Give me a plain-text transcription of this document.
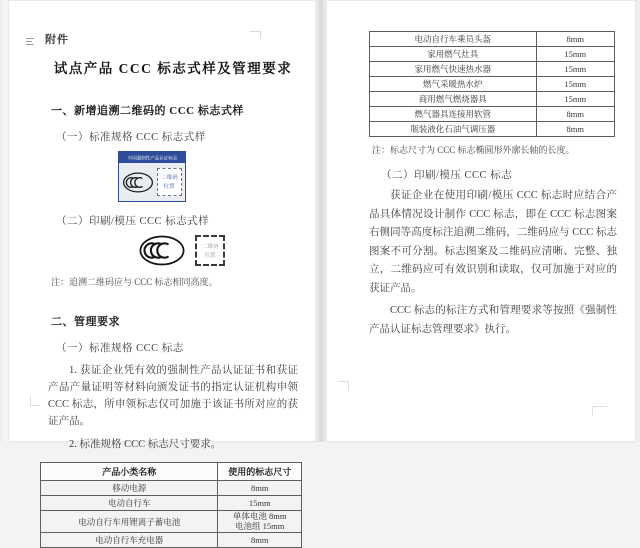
试点产品 CCC 标志式样及管理要求
一、新增追溯二维码的 CCC 标志式样
（一）标准规格 CCC 标志式样
中国强制性产品认证标志
二维码
位置
（二）印刷/模压 CCC 标志式样
二维码
位置
注：追溯二维码应与 CCC 标志相同高度。
二、管理要求
（一）标准规格 CCC 标志

1. 获证企业凭有效的强制性产品认证证书和获证产品产量证明等材料向颁发证书的指定认证机构申领 CCC 标志，所申领标志仅可加施于该证书所对应的获证产品。

2. 标准规格 CCC 标志尺寸要求。

产品小类名称	使用的标志尺寸
移动电源	8mm
电动自行车	15mm
电动自行车用锂离子蓄电池	单体电池 8mm
电池组 15mm

电动自行车充电器	8mm
电动自行车乘员头盔	8mm
家用燃气灶具	15mm
家用燃气快速热水器	15mm
燃气采暖热水炉	15mm
商用燃气燃烧器具	15mm
燃气器具连接用软管	8mm
瓶装液化石油气调压器	8mm
注：标志尺寸为 CCC 标志椭圆形外廓长轴的长度。
（二）印刷/模压 CCC 标志

获证企业在使用印刷/模压 CCC 标志时应结合产品具体情况设计制作 CCC 标志，即在 CCC 标志图案右侧同等高度标注追溯二维码，二维码应与 CCC 标志图案不可分割。标志图案及二维码应清晰、完整、独立，二维码应可有效识别和读取，仅可加施于对应的获证产品。

CCC 标志的标注方式和管理要求等按照《强制性产品认证标志管理要求》执行。

附件
